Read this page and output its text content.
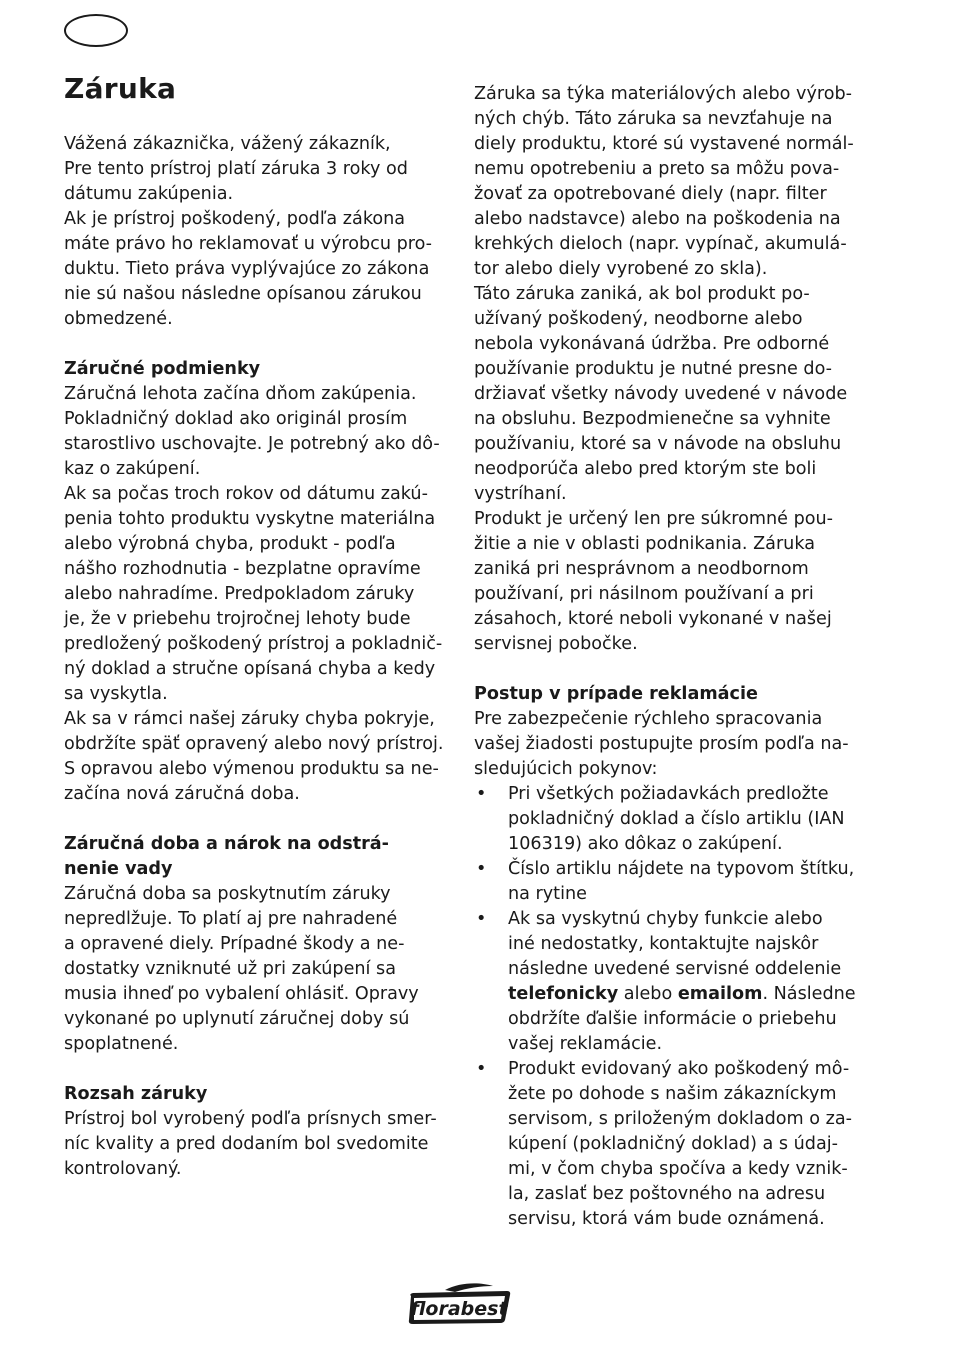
Záruka
Vážená zákaznička, vážený zákazník,
Pre tento prístroj platí záruka 3 roky od
dátumu zakúpenia.
Ak je prístroj poškodený, podľa zákona
máte právo ho reklamovať u výrobcu pro-
duktu. Tieto práva vyplývajúce zo zákona
nie sú našou následne opísanou zárukou
obmedzené.
Záručné podmienky
Záručná lehota začína dňom zakúpenia.
Pokladničný doklad ako originál prosím
starostlivo uschovajte. Je potrebný ako dô-
kaz o zakúpení.
Ak sa počas troch rokov od dátumu zakú-
penia tohto produktu vyskytne materiálna
alebo výrobná chyba, produkt - podľa
nášho rozhodnutia - bezplatne opravíme
alebo nahradíme. Predpokladom záruky
je, že v priebehu trojročnej lehoty bude
predložený poškodený prístroj a pokladnič-
ný doklad a stručne opísaná chyba a kedy
sa vyskytla.
Ak sa v rámci našej záruky chyba pokryje,
obdržíte späť opravený alebo nový prístroj.
S opravou alebo výmenou produktu sa ne-
začína nová záručná doba.
Záručná doba a nárok na odstrá-
nenie vady
Záručná doba sa poskytnutím záruky
nepredlžuje. To platí aj pre nahradené
a opravené diely. Prípadné škody a ne-
dostatky vzniknuté už pri zakúpení sa
musia ihneď po vybalení ohlásiť. Opravy
vykonané po uplynutí záručnej doby sú
spoplatnené.
Rozsah záruky
Prístroj bol vyrobený podľa prísnych smer-
níc kvality a pred dodaním bol svedomite
kontrolovaný.
Záruka sa týka materiálových alebo výrob-
ných chýb. Táto záruka sa nevzťahuje na
diely produktu, ktoré sú vystavené normál-
nemu opotrebeniu a preto sa môžu pova-
žovať za opotrebované diely (napr. filter
alebo nadstavce) alebo na poškodenia na
krehkých dieloch (napr. vypínač, akumulá-
tor alebo diely vyrobené zo skla).
Táto záruka zaniká, ak bol produkt po-
užívaný poškodený, neodborne alebo
nebola vykonávaná údržba. Pre odborné
používanie produktu je nutné presne do-
držiavať všetky návody uvedené v návode
na obsluhu. Bezpodmienečne sa vyhnite
používaniu, ktoré sa v návode na obsluhu
neodporúča alebo pred ktorým ste boli
vystríhaní.
Produkt je určený len pre súkromné pou-
žitie a nie v oblasti podnikania. Záruka
zaniká pri nesprávnom a neodbornom
používaní, pri násilnom používaní a pri
zásahoch, ktoré neboli vykonané v našej
servisnej pobočke.
Postup v prípade reklamácie
Pre zabezpečenie rýchleho spracovania
vašej žiadosti postupujte prosím podľa na-
sledujúcich pokynov:
• Pri všetkých požiadavkách predložte
pokladničný doklad a číslo artiklu (IAN
106319) ako dôkaz o zakúpení.
• Číslo artiklu nájdete na typovom štítku,
na rytine
• Ak sa vyskytnú chyby funkcie alebo
iné nedostatky, kontaktujte najskôr
následne uvedené servisné oddelenie
telefonicky alebo emailom. Následne
obdržíte ďalšie informácie o priebehu
vašej reklamácie.
• Produkt evidovaný ako poškodený mô-
žete po dohode s našim zákazníckym
servisom, s priloženým dokladom o za-
kúpení (pokladničný doklad) a s údaj-
mi, v čom chyba spočíva a kedy vznik-
la, zaslať bez poštovného na adresu
servisu, ktorá vám bude oznámená.
florabest
